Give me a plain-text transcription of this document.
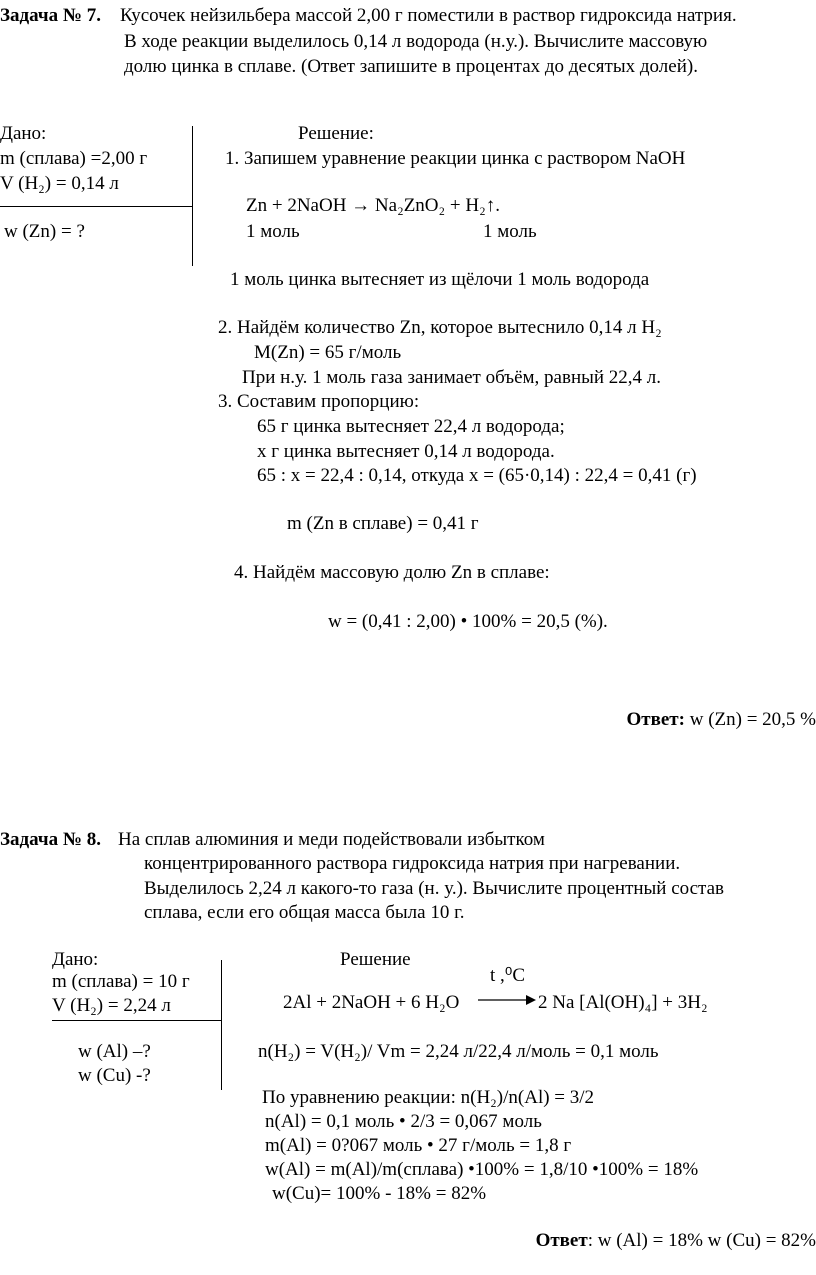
Задача № 7. Кусочек нейзильбера массой 2,00 г поместили в раствор гидроксида натрия.
В ходе реакции выделилось 0,14 л водорода (н.у.). Вычислите массовую
долю цинка в сплаве. (Ответ запишите в процентах до десятых долей).
Дано:	Решение:
m (сплава) =2,00 г
V (H₂) = 0,14 л
w (Zn) = ?
1. Запишем уравнение реакции цинка с раствором NaOH
Zn + 2NaOH → Na₂ZnO₂ + H₂↑.
1 моль	1 моль
1 моль цинка вытесняет из щёлочи 1 моль водорода
2. Найдём количество Zn, которое вытеснило 0,14 л H₂
M(Zn) = 65 г/моль
При н.у. 1 моль газа занимает объём, равный 22,4 л.
3. Составим пропорцию:
65 г цинка вытесняет 22,4 л водорода;
х г цинка вытесняет 0,14 л водорода.
65 : х = 22,4 : 0,14, откуда х = (65·0,14) : 22,4 = 0,41 (г)
m (Zn в сплаве) = 0,41 г
4. Найдём массовую долю Zn в сплаве:
w = (0,41 : 2,00) • 100% = 20,5 (%).
Ответ: w (Zn) = 20,5 %
Задача № 8. На сплав алюминия и меди подействовали избытком
концентрированного раствора гидроксида натрия при нагревании.
Выделилось 2,24 л какого-то газа (н. у.). Вычислите процентный состав
сплава, если его общая масса была 10 г.
Дано:	Решение
m (сплава) = 10 г
V (H₂) = 2,24 л
w (Al) –?
w (Cu) -?
t ,⁰C
2Al + 2NaOH + 6 H₂O → 2 Na [Al(OH)₄] + 3H₂
n(H₂) = V(H₂)/ Vm = 2,24 л/22,4 л/моль = 0,1 моль
По уравнению реакции: n(H₂)/n(Al) = 3/2
n(Al) = 0,1 моль • 2/3 = 0,067 моль
m(Al) = 0?067 моль • 27 г/моль = 1,8 г
w(Al) = m(Al)/m(сплава) •100% = 1,8/10 •100% = 18%
w(Cu)= 100% - 18% = 82%
Ответ: w (Al) = 18% w (Cu) = 82%
